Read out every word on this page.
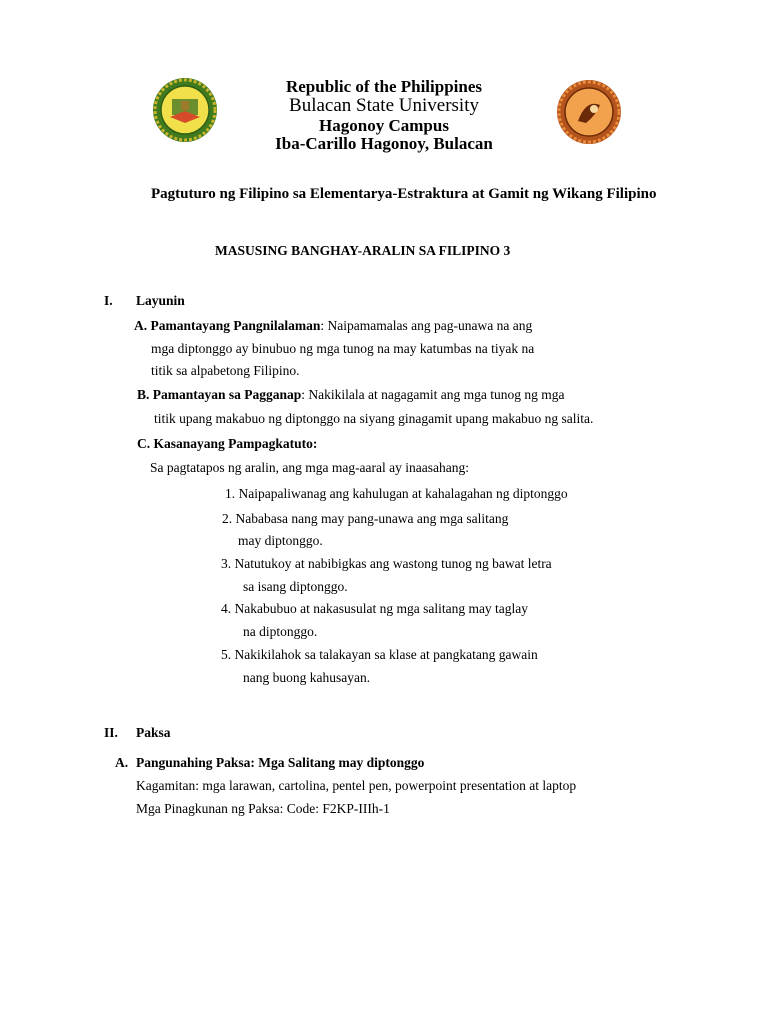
Republic of the Philippines
Bulacan State University
Hagonoy Campus
Iba-Carillo Hagonoy, Bulacan
Pagtuturo ng Filipino sa Elementarya-Estraktura at Gamit ng Wikang Filipino
MASUSING BANGHAY-ARALIN SA FILIPINO 3
I. Layunin
A. Pamantayang Pangnilalaman: Naipamamalas ang pag-unawa na ang
mga diptonggo ay binubuo ng mga tunog na may katumbas na tiyak na
titik sa alpabetong Filipino.
B. Pamantayan sa Pagganap: Nakikilala at nagagamit ang mga tunog ng mga
titik upang makabuo ng diptonggo na siyang ginagamit upang makabuo ng salita.
C. Kasanayang Pampagkatuto:
Sa pagtatapos ng aralin, ang mga mag-aaral ay inaasahang:
1. Naipapaliwanag ang kahulugan at kahalagahan ng diptonggo
2. Nababasa nang may pang-unawa ang mga salitang
may diptonggo.
3. Natutukoy at nabibigkas ang wastong tunog ng bawat letra
sa isang diptonggo.
4. Nakabubuo at nakasusulat ng mga salitang may taglay
na diptonggo.
5. Nakikilahok sa talakayan sa klase at pangkatang gawain
nang buong kahusayan.
II. Paksa
A. Pangunahing Paksa: Mga Salitang may diptonggo
Kagamitan: mga larawan, cartolina, pentel pen, powerpoint presentation at laptop
Mga Pinagkunan ng Paksa: Code: F2KP-IIIh-1
